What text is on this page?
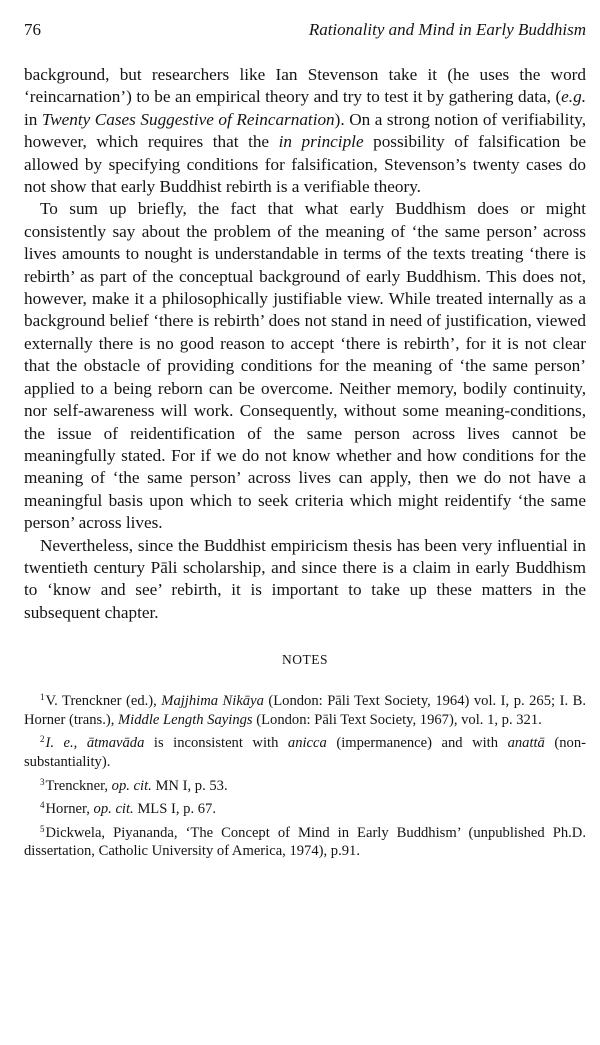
76	Rationality and Mind in Early Buddhism

background, but researchers like Ian Stevenson take it (he uses the word ‘reincarnation’) to be an empirical theory and try to test it by gathering data, (e.g. in Twenty Cases Suggestive of Reincarnation). On a strong notion of verifiability, however, which requires that the in principle possibility of falsification be allowed by specifying conditions for falsification, Stevenson’s twenty cases do not show that early Buddhist rebirth is a verifiable theory.

To sum up briefly, the fact that what early Buddhism does or might consistently say about the problem of the meaning of ‘the same person’ across lives amounts to nought is understandable in terms of the texts treating ‘there is rebirth’ as part of the conceptual background of early Buddhism. This does not, however, make it a philosophically justifiable view. While treated internally as a background belief ‘there is rebirth’ does not stand in need of justification, viewed externally there is no good reason to accept ‘there is rebirth’, for it is not clear that the obstacle of providing conditions for the meaning of ‘the same person’ applied to a being reborn can be overcome. Neither memory, bodily continuity, nor self-awareness will work. Consequently, without some meaning-conditions, the issue of reidentification of the same person across lives cannot be meaningfully stated. For if we do not know whether and how conditions for the meaning of ‘the same person’ across lives can apply, then we do not have a meaningful basis upon which to seek criteria which might reidentify ‘the same person’ across lives.

Nevertheless, since the Buddhist empiricism thesis has been very influential in twentieth century Pāli scholarship, and since there is a claim in early Buddhism to ‘know and see’ rebirth, it is important to take up these matters in the subsequent chapter.

NOTES

$^1$V. Trenckner (ed.), Majjhima Nikāya (London: Pāli Text Society, 1964) vol. I, p. 265; I. B. Horner (trans.), Middle Length Sayings (London: Pāli Text Society, 1967), vol. 1, p. 321.

$^2$I. e., ātmavāda is inconsistent with anicca (impermanence) and with anattā (non-substantiality).

$^3$Trenckner, op. cit. MN I, p. 53.

$^4$Horner, op. cit. MLS I, p. 67.

$^5$Dickwela, Piyananda, ‘The Concept of Mind in Early Buddhism’ (unpublished Ph.D. dissertation, Catholic University of America, 1974), p.91.
